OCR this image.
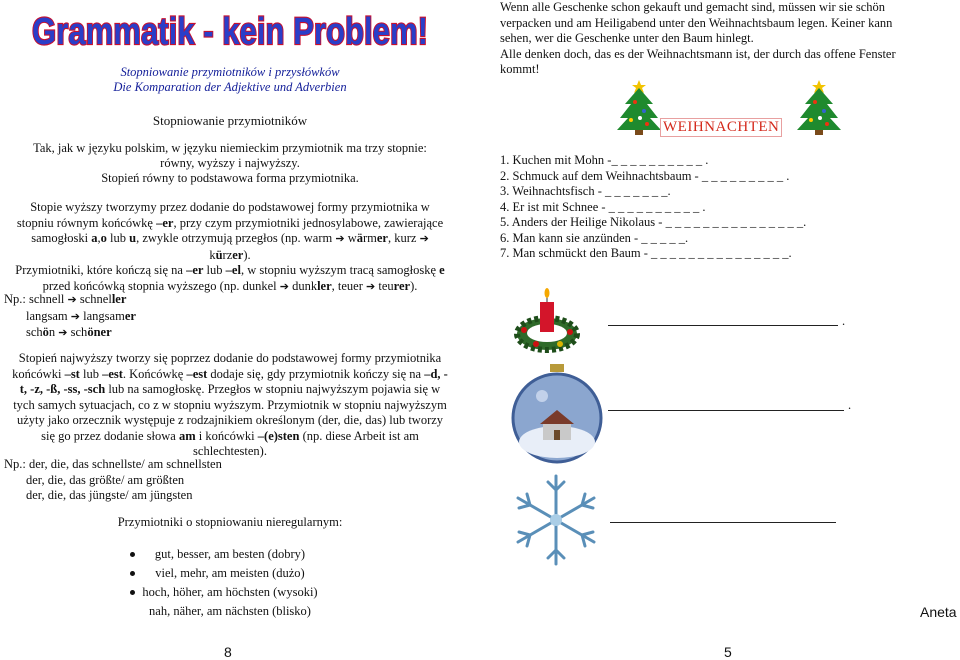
Grammatik - kein Problem!
Stopniowanie przymiotników i przysłówków
Die Komparation der Adjektive und Adverbien
Stopniowanie przymiotników

Tak, jak w języku polskim, w języku niemieckim przymiotnik ma trzy stopnie:

równy, wyższy i najwyższy.

Stopień równy to podstawowa forma przymiotnika.

Stopie wyższy tworzymy przez dodanie do podstawowej formy przymiotnika w

stopniu równym końcówkę –er, przy czym przymiotniki jednosylabowe, zawierające

samogłoski a,o lub u, zwykle otrzymują przegłos (np. warm ➔ wärmer, kurz ➔

kürzer).

Przymiotniki, które kończą się na –er lub –el, w stopniu wyższym tracą samogłoskę e

przed końcówką stopnia wyższego (np. dunkel ➔ dunkler, teuer ➔ teurer).

Np.: schnell ➔ schneller

langsam ➔ langsamer

schön ➔ schöner

Stopień najwyższy tworzy się poprzez dodanie do podstawowej formy przymiotnika

końcówki –st lub –est. Końcówkę –est dodaje się, gdy przymiotnik kończy się na –d, -

t, -z, -ß, -ss, -sch lub na samogłoskę. Przegłos w stopniu najwyższym pojawia się w

tych samych sytuacjach, co z w stopniu wyższym. Przymiotnik w stopniu najwyższym

użyty jako orzecznik występuje z rodzajnikiem określonym (der, die, das) lub tworzy

się go przez dodanie słowa am i końcówki –(e)sten (np. diese Arbeit ist am

schlechtesten).

Np.: der, die, das schnellste/ am schnellsten

der, die, das größte/ am größten

der, die, das jüngste/ am jüngsten

Przymiotniki o stopniowaniu nieregularnym:
gut, besser, am besten (dobry)
viel, mehr, am meisten (dużo)
hoch, höher, am höchsten (wysoki)
nah, näher, am nächsten (blisko)
8

Wenn alle Geschenke schon gekauft und gemacht sind, müssen wir sie schön

verpacken und am Heiligabend unter den Weihnachtsbaum legen. Keiner kann

sehen, wer die Geschenke unter den Baum hinlegt.

Alle denken doch, das es der Weihnachtsmann ist, der durch das offene Fenster

kommt!

WEIHNACHTEN

1. Kuchen mit Mohn -_ _ _ _ _ _ _ _ _ _ .

2. Schmuck auf dem Weihnachtsbaum - _ _ _ _ _ _ _ _ _ .

3. Weihnachtsfisch - _ _ _ _ _ _ _.

4. Er ist mit Schnee - _ _ _ _ _ _ _ _ _ _ .

5. Anders der Heilige Nikolaus - _ _ _ _ _ _ _ _ _ _ _ _ _ _ _.

6. Man kann sie anzünden - _ _ _ _ _.

7. Man schmückt den Baum - _ _ _ _ _ _ _ _ _ _ _ _ _ _ _.

.
.
Aneta
5
